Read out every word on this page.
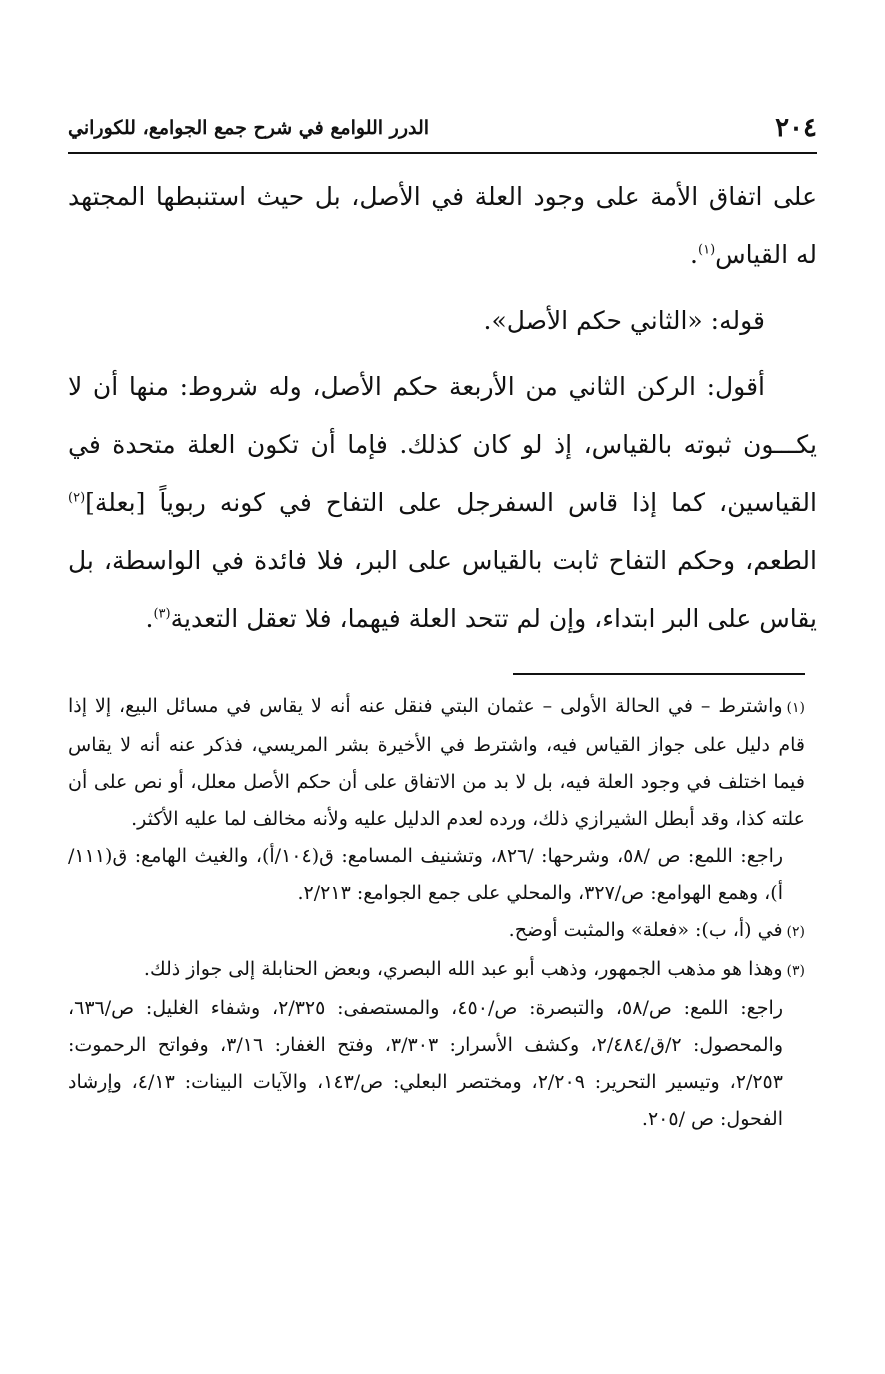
٢٠٤
الدرر اللوامع في شرح جمع الجوامع، للكوراني

على اتفاق الأمة على وجود العلة في الأصل، بل حيث استنبطها المجتهد له القياس$^{(١)}$.

قوله: «الثاني حكم الأصل».

أقول: الركن الثاني من الأربعة حكم الأصل، وله شروط: منها أن لا يكـــون ثبوته بالقياس، إذ لو كان كذلك. فإما أن تكون العلة متحدة في القياسين، كما إذا قاس السفرجل على التفاح في كونه ربوياً [بعلة]$^{(٢)}$ الطعم، وحكم التفاح ثابت بالقياس على البر، فلا فائدة في الواسطة، بل يقاس على البر ابتداء، وإن لم تتحد العلة فيهما، فلا تعقل التعدية$^{(٣)}$.

(١)واشترط – في الحالة الأولى – عثمان البتي فنقل عنه أنه لا يقاس في مسائل البيع، إلا إذا قام دليل على جواز القياس فيه، واشترط في الأخيرة بشر المريسي، فذكر عنه أنه لا يقاس فيما اختلف في وجود العلة فيه، بل لا بد من الاتفاق على أن حكم الأصل معلل، أو نص على أن علته كذا، وقد أبطل الشيرازي ذلك، ورده لعدم الدليل عليه ولأنه مخالف لما عليه الأكثر.

راجع: اللمع: ص /٥٨، وشرحها: /٨٢٦، وتشنيف المسامع: ق(١٠٤/أ)، والغيث الهامع: ق(١١١/أ)، وهمع الهوامع: ص/٣٢٧، والمحلي على جمع الجوامع: ٢/٢١٣.

(٢)في (أ، ب): «فعلة» والمثبت أوضح.

(٣)وهذا هو مذهب الجمهور، وذهب أبو عبد الله البصري، وبعض الحنابلة إلى جواز ذلك.

راجع: اللمع: ص/٥٨، والتبصرة: ص/٤٥٠، والمستصفى: ٢/٣٢٥، وشفاء الغليل: ص/٦٣٦، والمحصول: ٢/ق/٢/٤٨٤، وكشف الأسرار: ٣/٣٠٣، وفتح الغفار: ٣/١٦، وفواتح الرحموت: ٢/٢٥٣، وتيسير التحرير: ٢/٢٠٩، ومختصر البعلي: ص/١٤٣، والآيات البينات: ٤/١٣، وإرشاد الفحول: ص /٢٠٥.
